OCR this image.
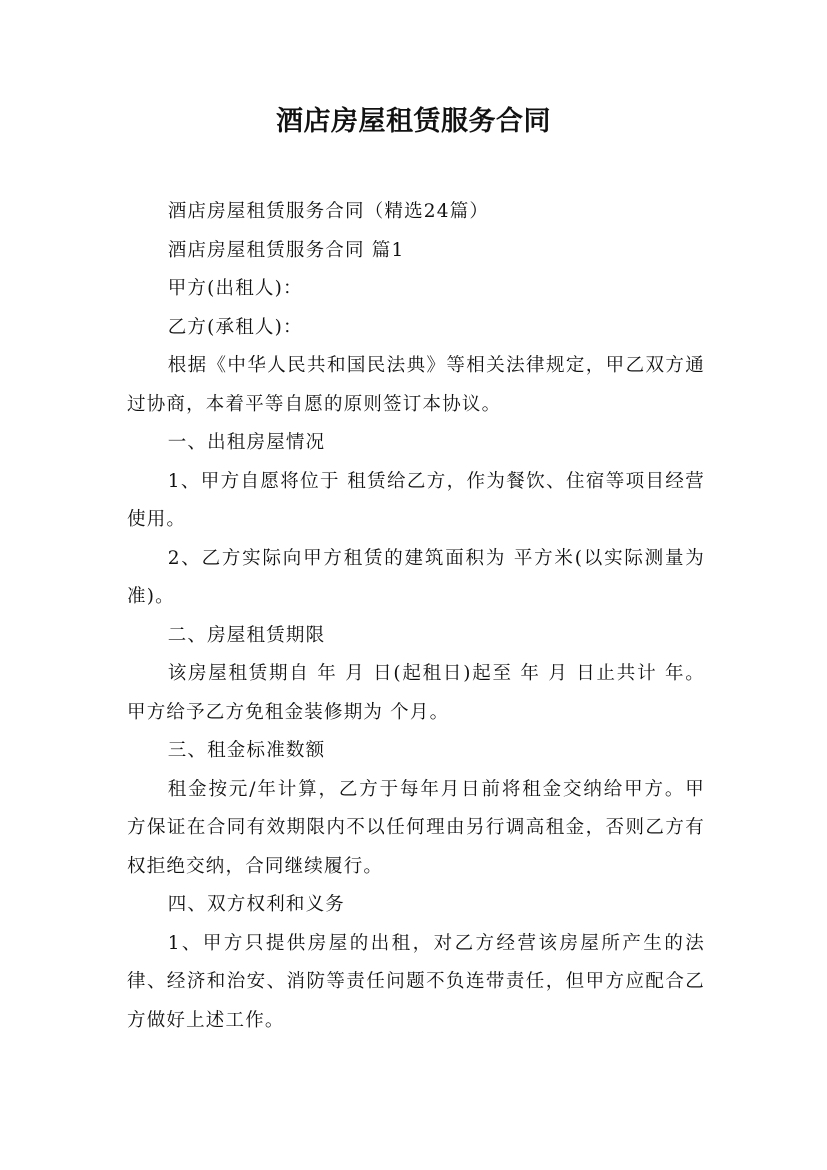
酒店房屋租赁服务合同

酒店房屋租赁服务合同（精选24篇）

酒店房屋租赁服务合同 篇1

甲方(出租人)：

乙方(承租人)：

根据《中华人民共和国民法典》等相关法律规定，甲乙双方通过协商，本着平等自愿的原则签订本协议。

一、出租房屋情况

1、甲方自愿将位于 租赁给乙方，作为餐饮、住宿等项目经营使用。

2、乙方实际向甲方租赁的建筑面积为 平方米(以实际测量为准)。

二、房屋租赁期限

该房屋租赁期自 年 月 日(起租日)起至 年 月 日止共计 年。甲方给予乙方免租金装修期为 个月。

三、租金标准数额

租金按元/年计算，乙方于每年月日前将租金交纳给甲方。甲方保证在合同有效期限内不以任何理由另行调高租金，否则乙方有权拒绝交纳，合同继续履行。

四、双方权利和义务

1、甲方只提供房屋的出租，对乙方经营该房屋所产生的法律、经济和治安、消防等责任问题不负连带责任，但甲方应配合乙方做好上述工作。
